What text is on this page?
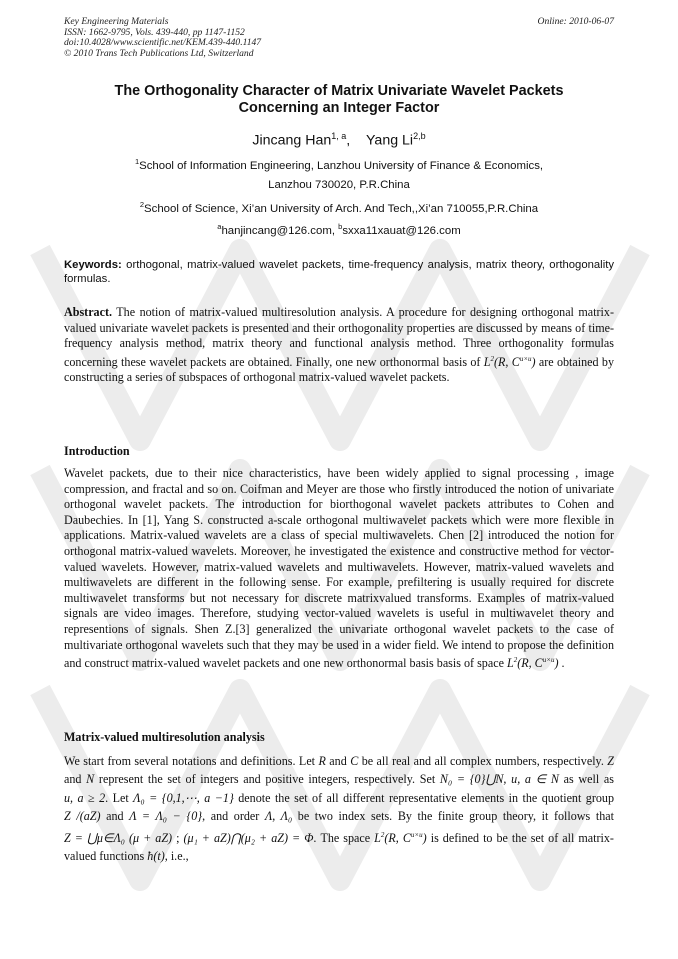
Key Engineering Materials
ISSN: 1662-9795, Vols. 439-440, pp 1147-1152
doi:10.4028/www.scientific.net/KEM.439-440.1147
© 2010 Trans Tech Publications Ltd, Switzerland
Online: 2010-06-07
The Orthogonality Character of Matrix Univariate Wavelet Packets
Concerning an Integer Factor
Jincang Han$^{1, a}$, Yang Li$^{2,b}$
$^1$School of Information Engineering, Lanzhou University of Finance & Economics,
Lanzhou 730020, P.R.China
$^2$School of Science, Xi’an University of Arch. And Tech,,Xi’an 710055,P.R.China
$^a$hanjincang@126.com, $^b$sxxa11xauat@126.com
Keywords: orthogonal, matrix-valued wavelet packets, time-frequency analysis, matrix theory, orthogonality formulas.
Abstract. The notion of matrix-valued multiresolution analysis. A procedure for designing orthogonal matrix-valued univariate wavelet packets is presented and their orthogonality properties are discussed by means of time-frequency analysis method, matrix theory and functional analysis method. Three orthogonality formulas concerning these wavelet packets are obtained. Finally, one new orthonormal basis of $L^2(R$, $C^{u\times u}$) are obtained by constructing a series of subspaces of orthogonal matrix-valued wavelet packets.
Introduction
Wavelet packets, due to their nice characteristics, have been widely applied to signal processing , image compression, and fractal and so on. Coifman and Meyer are those who firstly introduced the notion of univariate orthogonal wavelet packets. The introduction for biorthogonal wavelet packets attributes to Cohen and Daubechies. In [1], Yang S. constructed a-scale orthogonal multiwavelet packets which were more flexible in applications. Matrix-valued wavelets are a class of special multiwavelets. Chen [2] introduced the notion for orthogonal matrix-valued wavelets. Moreover, he investigated the existence and constructive method for vector-valued wavelets. However, matrix-valued wavelets and multiwavelets. However, matrix-valued wavelets and multiwavelets are different in the following sense. For example, prefiltering is usually required for discrete multiwavelet transforms but not necessary for discrete matrixvalued transforms. Examples of matrix-valued signals are video images. Therefore, studying vector-valued wavelets is useful in multiwavelet theory and representions of signals. Shen Z.[3] generalized the univariate orthogonal wavelet packets to the case of multivariate orthogonal wavelets such that they may be used in a wider field. We intend to propose the definition and construct matrix-valued wavelet packets and one new orthonormal basis basis of space $L^2(R$, $C^{u\times u}$) .
Matrix-valued multiresolution analysis
We start from several notations and definitions. Let R and C be all real and all complex numbers, respectively. Z and N represent the set of integers and positive integers, respectively. Set N₀ = {0}⋃N, u, a ∈ N as well as u, a ≥ 2. Let Λ₀ = {0,1,⋯, a −1} denote the set of all different representative elements in the quotient group Z /(aZ) and Λ = Λ₀ − {0}, and order Λ, Λ₀ be two index sets. By the finite group theory, it follows that Z = ⋃μ∈Λ₀ (μ + aZ) ; (μ₁ + aZ)⋂(μ₂ + aZ) = Φ. The space $L^2(R$, $C^{u\times u}$) is defined to be the set of all matrix-valued functions ħ(t), i.e.,
